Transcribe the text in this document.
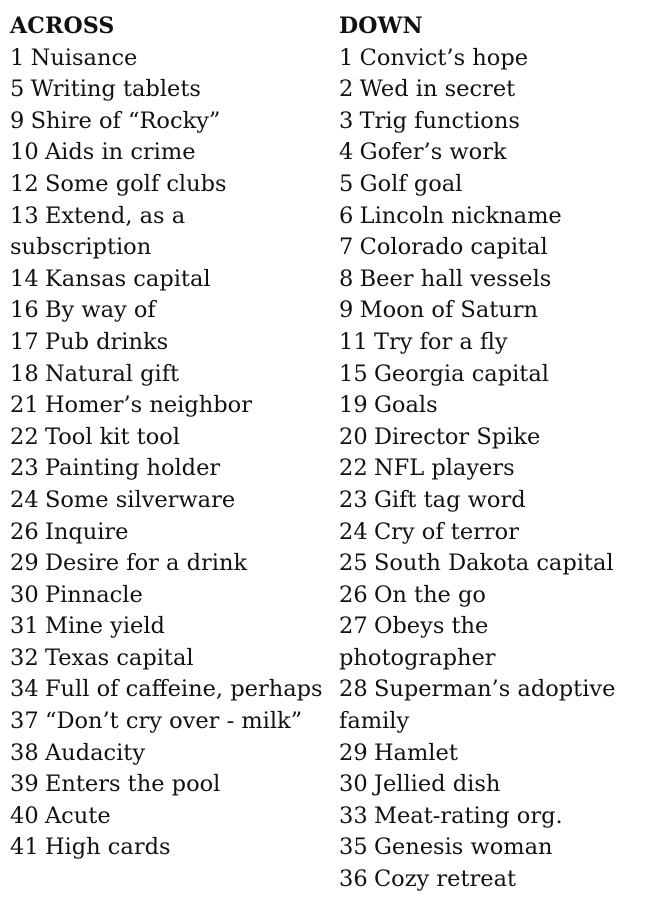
ACROSS
1 Nuisance
5 Writing tablets
9 Shire of “Rocky”
10 Aids in crime
12 Some golf clubs
13 Extend, as a subscription
14 Kansas capital
16 By way of
17 Pub drinks
18 Natural gift
21 Homer’s neighbor
22 Tool kit tool
23 Painting holder
24 Some silverware
26 Inquire
29 Desire for a drink
30 Pinnacle
31 Mine yield
32 Texas capital
34 Full of caffeine, perhaps
37 “Don’t cry over - milk”
38 Audacity
39 Enters the pool
40 Acute
41 High cards
DOWN
1 Convict’s hope
2 Wed in secret
3 Trig functions
4 Gofer’s work
5 Golf goal
6 Lincoln nickname
7 Colorado capital
8 Beer hall vessels
9 Moon of Saturn
11 Try for a fly
15 Georgia capital
19 Goals
20 Director Spike
22 NFL players
23 Gift tag word
24 Cry of terror
25 South Dakota capital
26 On the go
27 Obeys the photographer
28 Superman’s adoptive family
29 Hamlet
30 Jellied dish
33 Meat-rating org.
35 Genesis woman
36 Cozy retreat
